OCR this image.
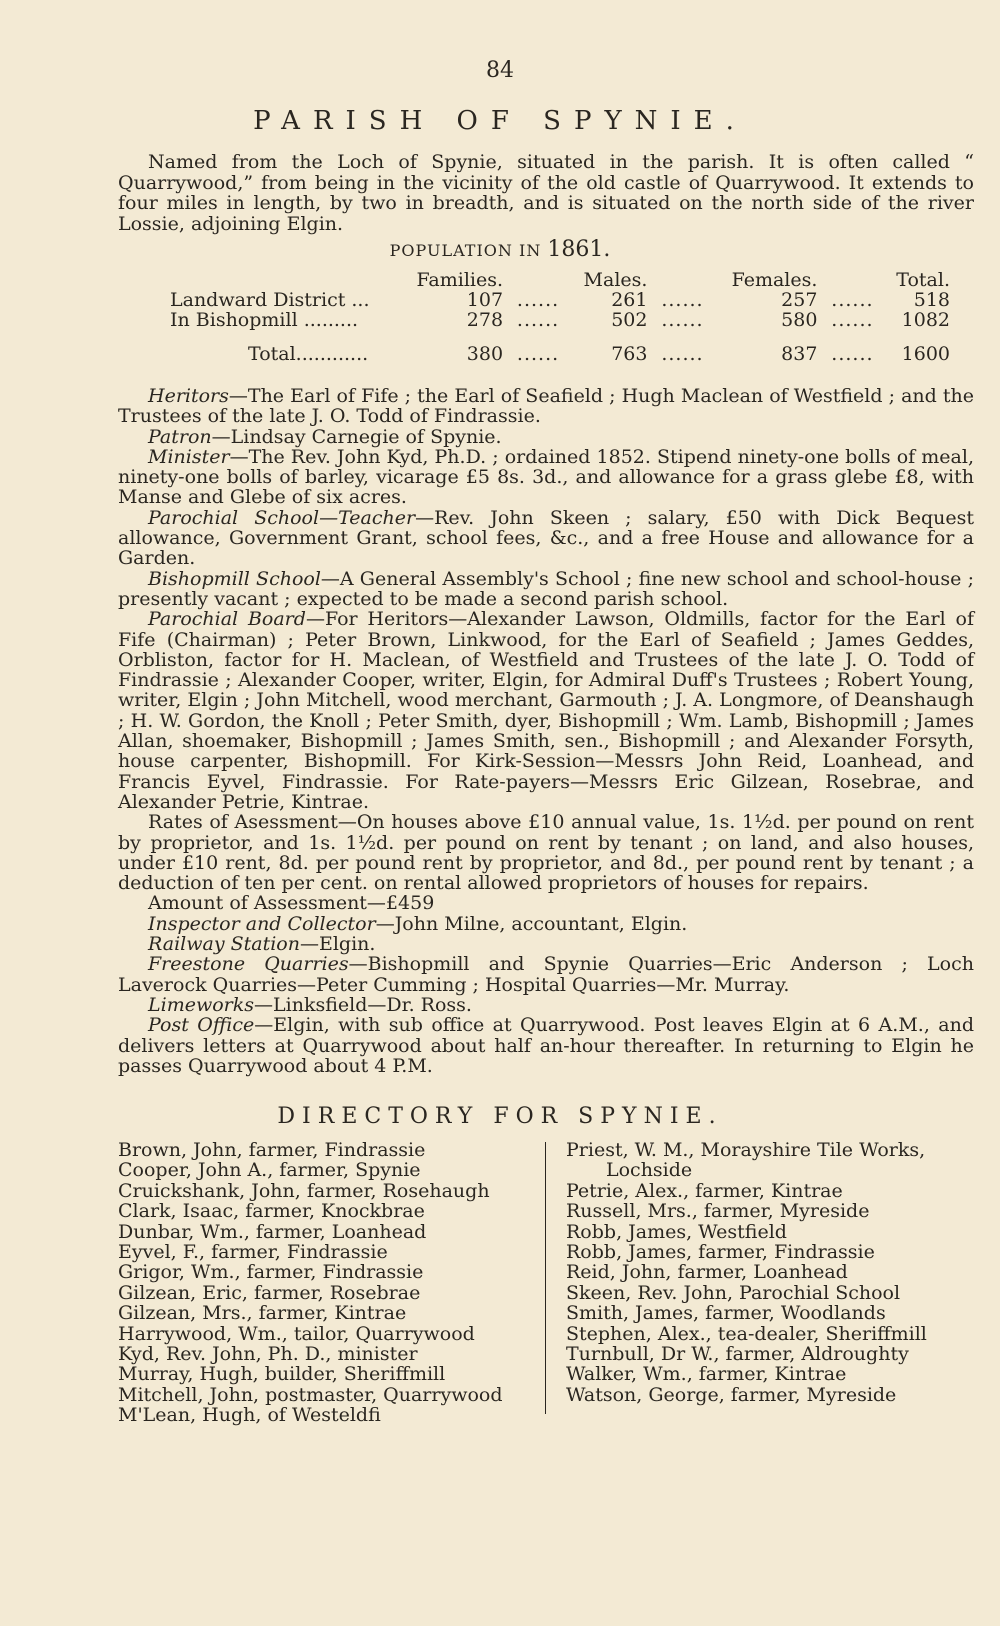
84
PARISH OF SPYNIE.
Named from the Loch of Spynie, situated in the parish. It is often called “ Quarrywood,” from being in the vicinity of the old castle of Quarrywood. It extends to four miles in length, by two in breadth, and is situated on the north side of the river Lossie, adjoining Elgin.
POPULATION IN 1861.
	Families.		Males.		Females.		Total.
Landward District ...	107	......	261	......	257	......	518
In Bishopmill .........	278	......	502	......	580	......	1082

Total............	380	......	763	......	837	......	1600

Heritors—The Earl of Fife ; the Earl of Seafield ; Hugh Maclean of Westfield ; and the Trustees of the late J. O. Todd of Findrassie.

Patron—Lindsay Carnegie of Spynie.

Minister—The Rev. John Kyd, Ph.D. ; ordained 1852. Stipend ninety-one bolls of meal, ninety-one bolls of barley, vicarage £5 8s. 3d., and allowance for a grass glebe £8, with Manse and Glebe of six acres.

Parochial School—Teacher—Rev. John Skeen ; salary, £50 with Dick Bequest allowance, Government Grant, school fees, &c., and a free House and allowance for a Garden.

Bishopmill School—A General Assembly's School ; fine new school and school-house ; presently vacant ; expected to be made a second parish school.

Parochial Board—For Heritors—Alexander Lawson, Oldmills, factor for the Earl of Fife (Chairman) ; Peter Brown, Linkwood, for the Earl of Seafield ; James Geddes, Orbliston, factor for H. Maclean, of Westfield and Trustees of the late J. O. Todd of Findrassie ; Alexander Cooper, writer, Elgin, for Admiral Duff's Trustees ; Robert Young, writer, Elgin ; John Mitchell, wood merchant, Garmouth ; J. A. Longmore, of Deanshaugh ; H. W. Gordon, the Knoll ; Peter Smith, dyer, Bishopmill ; Wm. Lamb, Bishopmill ; James Allan, shoemaker, Bishopmill ; James Smith, sen., Bishopmill ; and Alexander Forsyth, house carpenter, Bishopmill. For Kirk-Session—Messrs John Reid, Loanhead, and Francis Eyvel, Findrassie. For Rate-payers—Messrs Eric Gilzean, Rosebrae, and Alexander Petrie, Kintrae.

Rates of Asessment—On houses above £10 annual value, 1s. 1½d. per pound on rent by proprietor, and 1s. 1½d. per pound on rent by tenant ; on land, and also houses, under £10 rent, 8d. per pound rent by proprietor, and 8d., per pound rent by tenant ; a deduction of ten per cent. on rental allowed proprietors of houses for repairs.

Amount of Assessment—£459

Inspector and Collector—John Milne, accountant, Elgin.

Railway Station—Elgin.

Freestone Quarries—Bishopmill and Spynie Quarries—Eric Anderson ; Loch Laverock Quarries—Peter Cumming ; Hospital Quarries—Mr. Murray.

Limeworks—Linksfield—Dr. Ross.

Post Office—Elgin, with sub office at Quarrywood. Post leaves Elgin at 6 A.M., and delivers letters at Quarrywood about half an-hour thereafter. In returning to Elgin he passes Quarrywood about 4 P.M.

DIRECTORY FOR SPYNIE.
Brown, John, farmer, Findrassie
Cooper, John A., farmer, Spynie
Cruickshank, John, farmer, Rosehaugh
Clark, Isaac, farmer, Knockbrae
Dunbar, Wm., farmer, Loanhead
Eyvel, F., farmer, Findrassie
Grigor, Wm., farmer, Findrassie
Gilzean, Eric, farmer, Rosebrae
Gilzean, Mrs., farmer, Kintrae
Harrywood, Wm., tailor, Quarrywood
Kyd, Rev. John, Ph. D., minister
Murray, Hugh, builder, Sheriffmill
Mitchell, John, postmaster, Quarrywood
M'Lean, Hugh, of Westeldfi
Priest, W. M., Morayshire Tile Works,
Lochside
Petrie, Alex., farmer, Kintrae
Russell, Mrs., farmer, Myreside
Robb, James, Westfield
Robb, James, farmer, Findrassie
Reid, John, farmer, Loanhead
Skeen, Rev. John, Parochial School
Smith, James, farmer, Woodlands
Stephen, Alex., tea-dealer, Sheriffmill
Turnbull, Dr W., farmer, Aldroughty
Walker, Wm., farmer, Kintrae
Watson, George, farmer, Myreside
